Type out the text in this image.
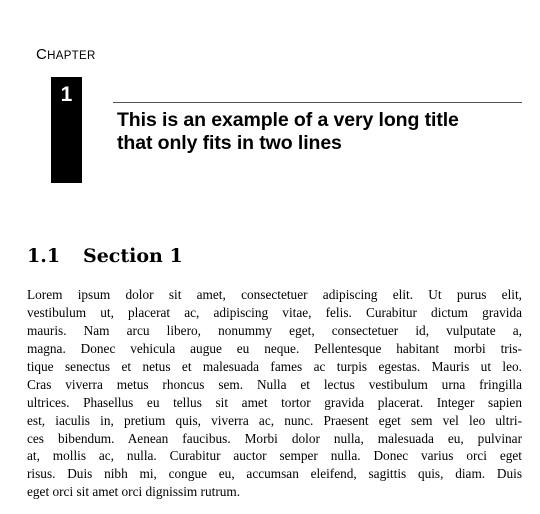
CHAPTER
1
This is an example of a very long title
that only fits in two lines
1.1 Section 1
Lorem ipsum dolor sit amet, consectetuer adipiscing elit. Ut purus elit,
vestibulum ut, placerat ac, adipiscing vitae, felis. Curabitur dictum gravida
mauris. Nam arcu libero, nonummy eget, consectetuer id, vulputate a,
magna. Donec vehicula augue eu neque. Pellentesque habitant morbi tris-
tique senectus et netus et malesuada fames ac turpis egestas. Mauris ut leo.
Cras viverra metus rhoncus sem. Nulla et lectus vestibulum urna fringilla
ultrices. Phasellus eu tellus sit amet tortor gravida placerat. Integer sapien
est, iaculis in, pretium quis, viverra ac, nunc. Praesent eget sem vel leo ultri-
ces bibendum. Aenean faucibus. Morbi dolor nulla, malesuada eu, pulvinar
at, mollis ac, nulla. Curabitur auctor semper nulla. Donec varius orci eget
risus. Duis nibh mi, congue eu, accumsan eleifend, sagittis quis, diam. Duis
eget orci sit amet orci dignissim rutrum.
